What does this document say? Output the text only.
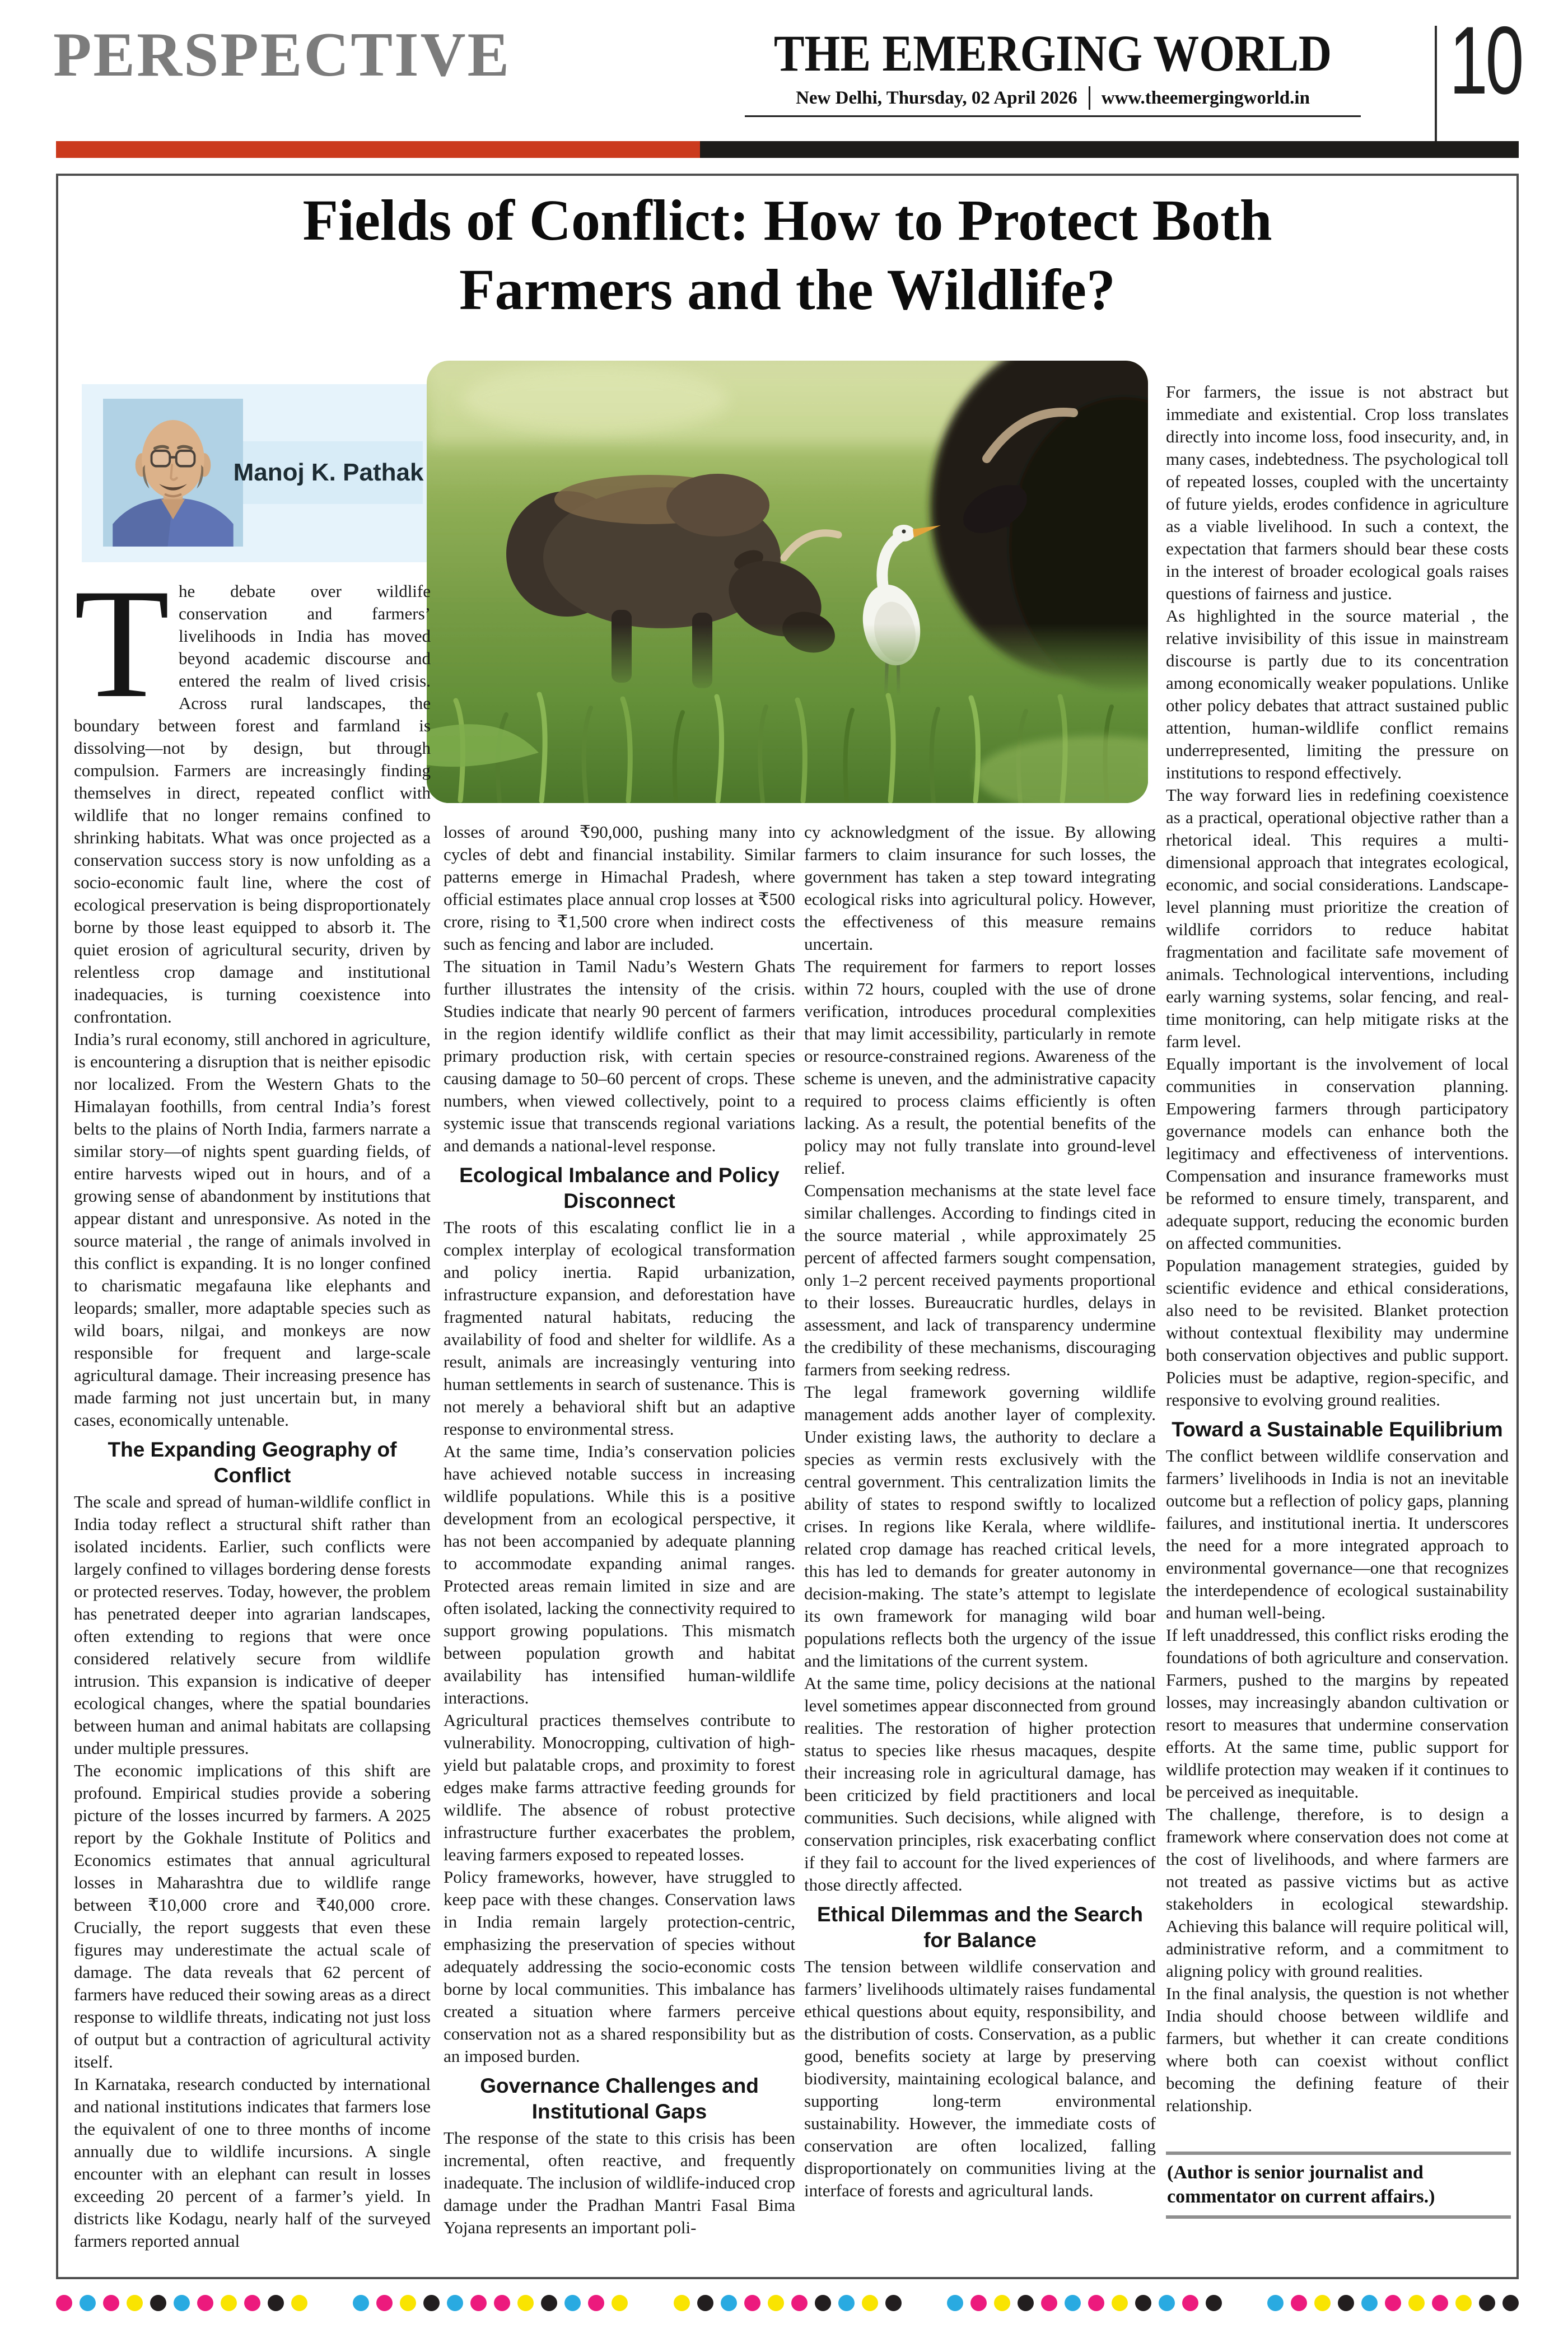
PERSPECTIVE	THE EMERGING WORLD
New Delhi, Thursday, 02 April 2026 www.theemergingworld.in 10
Fields of Conflict: How to Protect Both Farmers and the Wildlife?
Manoj K. Pathak

The debate over wildlife conservation and farmers’ livelihoods in India has moved beyond academic discourse and entered the realm of lived crisis. Across rural landscapes, the boundary between forest and farmland is dissolving—not by design, but through compulsion. Farmers are increasingly finding themselves in direct, repeated conflict with wildlife that no longer remains confined to shrinking habitats. What was once projected as a conservation success story is now unfolding as a socio-economic fault line, where the cost of ecological preservation is being disproportionately borne by those least equipped to absorb it. The quiet erosion of agricultural security, driven by relentless crop damage and institutional inadequacies, is turning coexistence into confrontation.

India’s rural economy, still anchored in agriculture, is encountering a disruption that is neither episodic nor localized. From the Western Ghats to the Himalayan foothills, from central India’s forest belts to the plains of North India, farmers narrate a similar story—of nights spent guarding fields, of entire harvests wiped out in hours, and of a growing sense of abandonment by institutions that appear distant and unresponsive. As noted in the source material , the range of animals involved in this conflict is expanding. It is no longer confined to charismatic megafauna like elephants and leopards; smaller, more adaptable species such as wild boars, nilgai, and monkeys are now responsible for frequent and large-scale agricultural damage. Their increasing presence has made farming not just uncertain but, in many cases, economically untenable.

The Expanding Geography of Conflict

The scale and spread of human-wildlife conflict in India today reflect a structural shift rather than isolated incidents. Earlier, such conflicts were largely confined to villages bordering dense forests or protected reserves. Today, however, the problem has penetrated deeper into agrarian landscapes, often extending to regions that were once considered relatively secure from wildlife intrusion. This expansion is indicative of deeper ecological changes, where the spatial boundaries between human and animal habitats are collapsing under multiple pressures.

The economic implications of this shift are profound. Empirical studies provide a sobering picture of the losses incurred by farmers. A 2025 report by the Gokhale Institute of Politics and Economics estimates that annual agricultural losses in Maharashtra due to wildlife range between ₹10,000 crore and ₹40,000 crore. Crucially, the report suggests that even these figures may underestimate the actual scale of damage. The data reveals that 62 percent of farmers have reduced their sowing areas as a direct response to wildlife threats, indicating not just loss of output but a contraction of agricultural activity itself.

In Karnataka, research conducted by international and national institutions indicates that farmers lose the equivalent of one to three months of income annually due to wildlife incursions. A single encounter with an elephant can result in losses exceeding 20 percent of a farmer’s yield. In districts like Kodagu, nearly half of the surveyed farmers reported annual

losses of around ₹90,000, pushing many into cycles of debt and financial instability. Similar patterns emerge in Himachal Pradesh, where official estimates place annual crop losses at ₹500 crore, rising to ₹1,500 crore when indirect costs such as fencing and labor are included.

The situation in Tamil Nadu’s Western Ghats further illustrates the intensity of the crisis. Studies indicate that nearly 90 percent of farmers in the region identify wildlife conflict as their primary production risk, with certain species causing damage to 50–60 percent of crops. These numbers, when viewed collectively, point to a systemic issue that transcends regional variations and demands a national-level response.

Ecological Imbalance and Policy Disconnect

The roots of this escalating conflict lie in a complex interplay of ecological transformation and policy inertia. Rapid urbanization, infrastructure expansion, and deforestation have fragmented natural habitats, reducing the availability of food and shelter for wildlife. As a result, animals are increasingly venturing into human settlements in search of sustenance. This is not merely a behavioral shift but an adaptive response to environmental stress.

At the same time, India’s conservation policies have achieved notable success in increasing wildlife populations. While this is a positive development from an ecological perspective, it has not been accompanied by adequate planning to accommodate expanding animal ranges. Protected areas remain limited in size and are often isolated, lacking the connectivity required to support growing populations. This mismatch between population growth and habitat availability has intensified human-wildlife interactions.

Agricultural practices themselves contribute to vulnerability. Monocropping, cultivation of high-yield but palatable crops, and proximity to forest edges make farms attractive feeding grounds for wildlife. The absence of robust protective infrastructure further exacerbates the problem, leaving farmers exposed to repeated losses.

Policy frameworks, however, have struggled to keep pace with these changes. Conservation laws in India remain largely protection-centric, emphasizing the preservation of species without adequately addressing the socio-economic costs borne by local communities. This imbalance has created a situation where farmers perceive conservation not as a shared responsibility but as an imposed burden.

Governance Challenges and Institutional Gaps

The response of the state to this crisis has been incremental, often reactive, and frequently inadequate. The inclusion of wildlife-induced crop damage under the Pradhan Mantri Fasal Bima Yojana represents an important poli-

cy acknowledgment of the issue. By allowing farmers to claim insurance for such losses, the government has taken a step toward integrating ecological risks into agricultural policy. However, the effectiveness of this measure remains uncertain.

The requirement for farmers to report losses within 72 hours, coupled with the use of drone verification, introduces procedural complexities that may limit accessibility, particularly in remote or resource-constrained regions. Awareness of the scheme is uneven, and the administrative capacity required to process claims efficiently is often lacking. As a result, the potential benefits of the policy may not fully translate into ground-level relief.

Compensation mechanisms at the state level face similar challenges. According to findings cited in the source material , while approximately 25 percent of affected farmers sought compensation, only 1–2 percent received payments proportional to their losses. Bureaucratic hurdles, delays in assessment, and lack of transparency undermine the credibility of these mechanisms, discouraging farmers from seeking redress.

The legal framework governing wildlife management adds another layer of complexity. Under existing laws, the authority to declare a species as vermin rests exclusively with the central government. This centralization limits the ability of states to respond swiftly to localized crises. In regions like Kerala, where wildlife-related crop damage has reached critical levels, this has led to demands for greater autonomy in decision-making. The state’s attempt to legislate its own framework for managing wild boar populations reflects both the urgency of the issue and the limitations of the current system.

At the same time, policy decisions at the national level sometimes appear disconnected from ground realities. The restoration of higher protection status to species like rhesus macaques, despite their increasing role in agricultural damage, has been criticized by field practitioners and local communities. Such decisions, while aligned with conservation principles, risk exacerbating conflict if they fail to account for the lived experiences of those directly affected.

Ethical Dilemmas and the Search for Balance

The tension between wildlife conservation and farmers’ livelihoods ultimately raises fundamental ethical questions about equity, responsibility, and the distribution of costs. Conservation, as a public good, benefits society at large by preserving biodiversity, maintaining ecological balance, and supporting long-term environmental sustainability. However, the immediate costs of conservation are often localized, falling disproportionately on communities living at the interface of forests and agricultural lands.

For farmers, the issue is not abstract but immediate and existential. Crop loss translates directly into income loss, food insecurity, and, in many cases, indebtedness. The psychological toll of repeated losses, coupled with the uncertainty of future yields, erodes confidence in agriculture as a viable livelihood. In such a context, the expectation that farmers should bear these costs in the interest of broader ecological goals raises questions of fairness and justice.

As highlighted in the source material , the relative invisibility of this issue in mainstream discourse is partly due to its concentration among economically weaker populations. Unlike other policy debates that attract sustained public attention, human-wildlife conflict remains underrepresented, limiting the pressure on institutions to respond effectively.

The way forward lies in redefining coexistence as a practical, operational objective rather than a rhetorical ideal. This requires a multi-dimensional approach that integrates ecological, economic, and social considerations. Landscape-level planning must prioritize the creation of wildlife corridors to reduce habitat fragmentation and facilitate safe movement of animals. Technological interventions, including early warning systems, solar fencing, and real-time monitoring, can help mitigate risks at the farm level.

Equally important is the involvement of local communities in conservation planning. Empowering farmers through participatory governance models can enhance both the legitimacy and effectiveness of interventions. Compensation and insurance frameworks must be reformed to ensure timely, transparent, and adequate support, reducing the economic burden on affected communities.

Population management strategies, guided by scientific evidence and ethical considerations, also need to be revisited. Blanket protection without contextual flexibility may undermine both conservation objectives and public support. Policies must be adaptive, region-specific, and responsive to evolving ground realities.

Toward a Sustainable Equilibrium

The conflict between wildlife conservation and farmers’ livelihoods in India is not an inevitable outcome but a reflection of policy gaps, planning failures, and institutional inertia. It underscores the need for a more integrated approach to environmental governance—one that recognizes the interdependence of ecological sustainability and human well-being.

If left unaddressed, this conflict risks eroding the foundations of both agriculture and conservation. Farmers, pushed to the margins by repeated losses, may increasingly abandon cultivation or resort to measures that undermine conservation efforts. At the same time, public support for wildlife protection may weaken if it continues to be perceived as inequitable.

The challenge, therefore, is to design a framework where conservation does not come at the cost of livelihoods, and where farmers are not treated as passive victims but as active stakeholders in ecological stewardship. Achieving this balance will require political will, administrative reform, and a commitment to aligning policy with ground realities.

In the final analysis, the question is not whether India should choose between wildlife and farmers, but whether it can create conditions where both can coexist without conflict becoming the defining feature of their relationship.

(Author is senior journalist and commentator on current affairs.)
